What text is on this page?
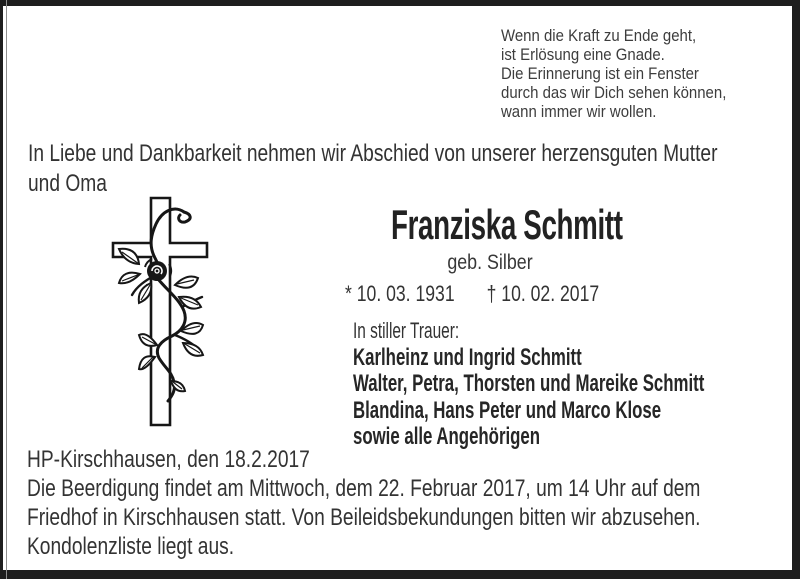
Wenn die Kraft zu Ende geht,
ist Erlösung eine Gnade.
Die Erinnerung ist ein Fenster
durch das wir Dich sehen können,
wann immer wir wollen.
In Liebe und Dankbarkeit nehmen wir Abschied von unserer herzensguten Mutter
und Oma
Franziska Schmitt
geb. Silber
* 10. 03. 1931 † 10. 02. 2017
In stiller Trauer:
Karlheinz und Ingrid Schmitt
Walter, Petra, Thorsten und Mareike Schmitt
Blandina, Hans Peter und Marco Klose
sowie alle Angehörigen
HP-Kirschhausen, den 18.2.2017
Die Beerdigung findet am Mittwoch, dem 22. Februar 2017, um 14 Uhr auf dem
Friedhof in Kirschhausen statt. Von Beileidsbekundungen bitten wir abzusehen.
Kondolenzliste liegt aus.
